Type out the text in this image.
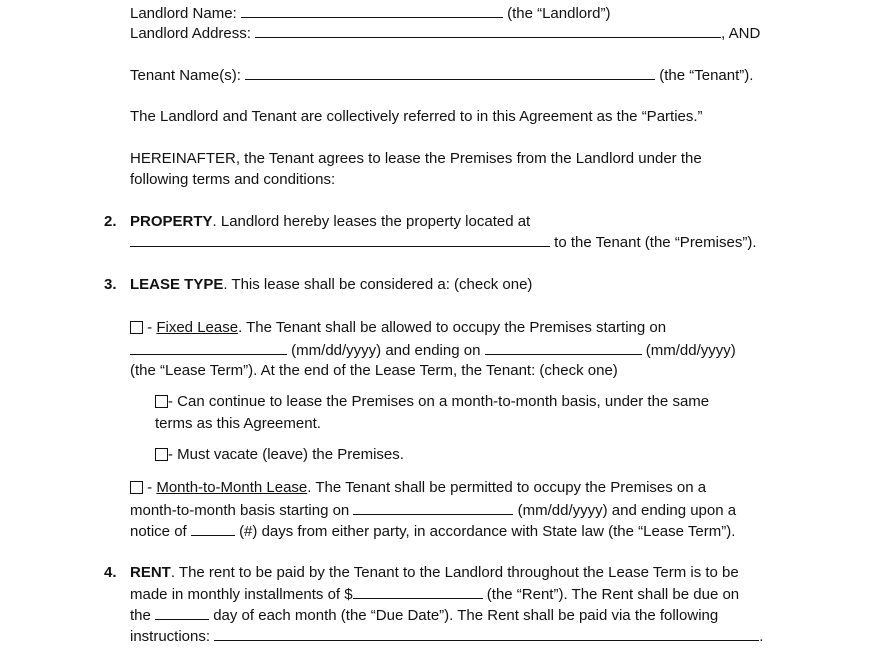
Landlord Name:	(the “Landlord”)
Landlord Address:	, AND
Tenant Name(s):	(the “Tenant”).
The Landlord and Tenant are collectively referred to in this Agreement as the “Parties.”
HEREINAFTER, the Tenant agrees to lease the Premises from the Landlord under the
following terms and conditions:
2. PROPERTY. Landlord hereby leases the property located at
to the Tenant (the “Premises”).
3. LEASE TYPE. This lease shall be considered a: (check one)
- Fixed Lease. The Tenant shall be allowed to occupy the Premises starting on
(mm/dd/yyyy) and ending on	(mm/dd/yyyy)
(the “Lease Term”). At the end of the Lease Term, the Tenant: (check one)
- Can continue to lease the Premises on a month-to-month basis, under the same
terms as this Agreement.
- Must vacate (leave) the Premises.
- Month-to-Month Lease. The Tenant shall be permitted to occupy the Premises on a
month-to-month basis starting on	(mm/dd/yyyy) and ending upon a
notice of	(#) days from either party, in accordance with State law (the “Lease Term”).
4. RENT. The rent to be paid by the Tenant to the Landlord throughout the Lease Term is to be
made in monthly installments of $	(the “Rent”). The Rent shall be due on
the	day of each month (the “Due Date”). The Rent shall be paid via the following
instructions:	.
